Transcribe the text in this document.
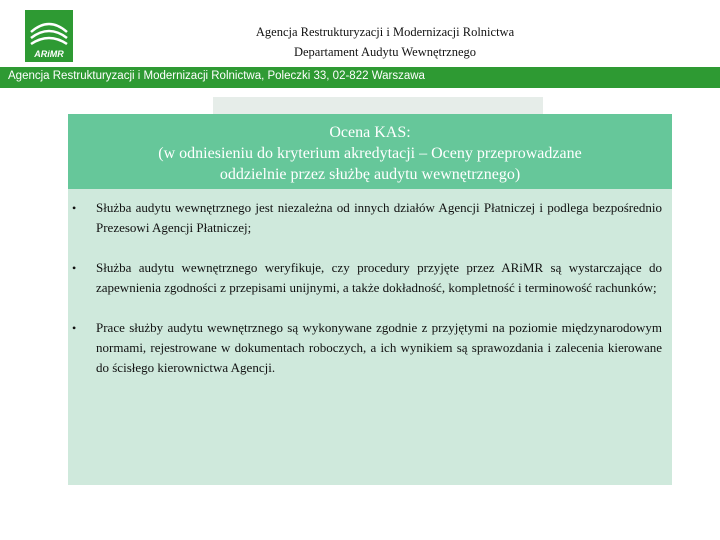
ARiMR
Agencja Restrukturyzacji i Modernizacji Rolnictwa
Departament Audytu Wewnętrznego
Agencja Restrukturyzacji i Modernizacji Rolnictwa, Poleczki 33, 02-822 Warszawa
Ocena KAS:
(w odniesieniu do kryterium akredytacji – Oceny przeprowadzane
oddzielnie przez służbę audytu wewnętrznego)
• Służba audytu wewnętrznego jest niezależna od innych działów Agencji Płatniczej i podlega bezpośrednio Prezesowi Agencji Płatniczej;
• Służba audytu wewnętrznego weryfikuje, czy procedury przyjęte przez ARiMR są wystarczające do zapewnienia zgodności z przepisami unijnymi, a także dokładność, kompletność i terminowość rachunków;
• Prace służby audytu wewnętrznego są wykonywane zgodnie z przyjętymi na poziomie międzynarodowym normami, rejestrowane w dokumentach roboczych, a ich wynikiem są sprawozdania i zalecenia kierowane do ścisłego kierownictwa Agencji.
